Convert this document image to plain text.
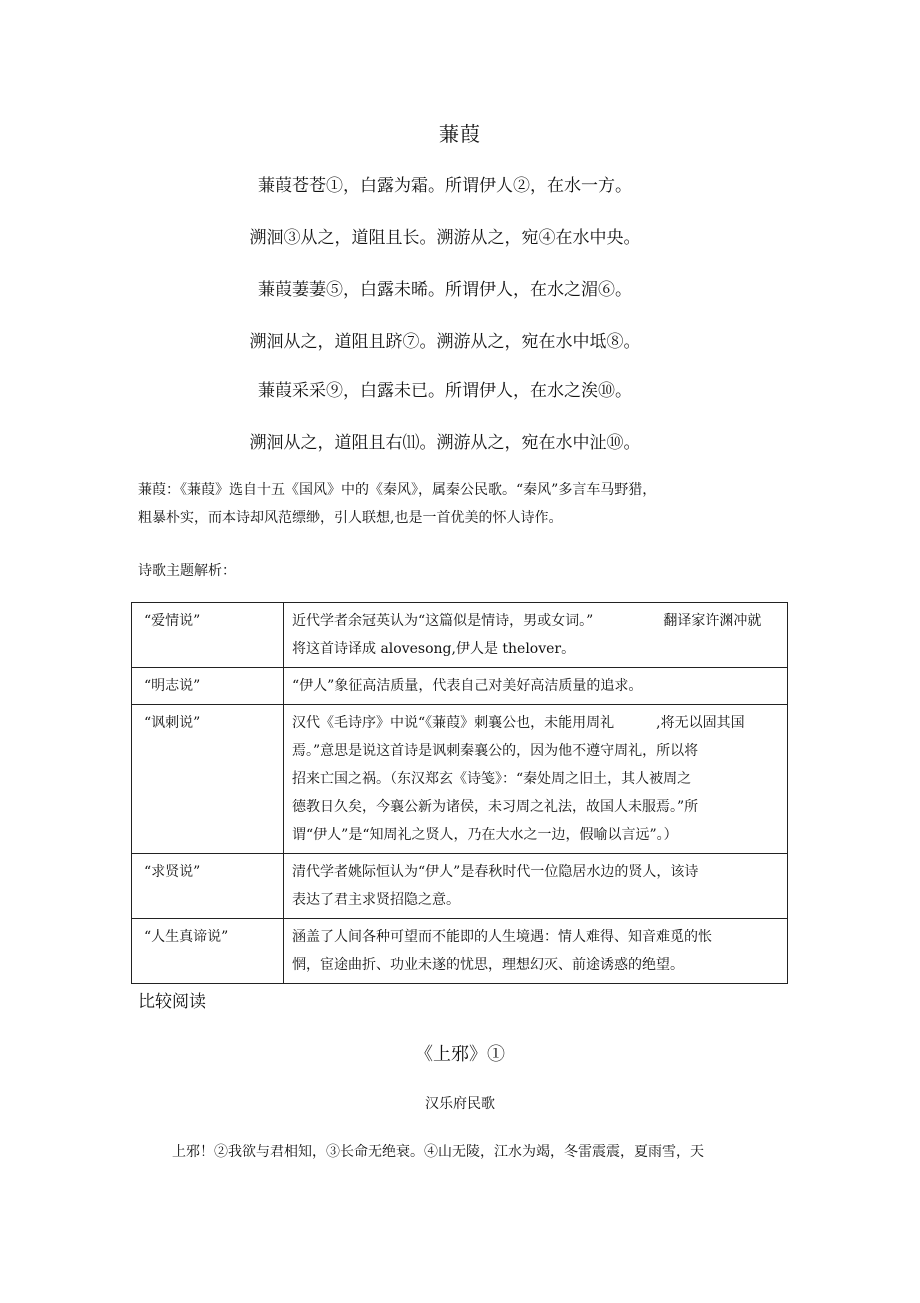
蒹葭
蒹葭苍苍①，白露为霜。所谓伊人②，在水一方。
溯洄③从之，道阻且长。溯游从之，宛④在水中央。
蒹葭萋萋⑤，白露未晞。所谓伊人，在水之湄⑥。
溯洄从之，道阻且跻⑦。溯游从之，宛在水中坻⑧。
蒹葭采采⑨，白露未已。所谓伊人，在水之涘⑩。
溯洄从之，道阻且右⑾。溯游从之，宛在水中沚⑩。
蒹葭：《蒹葭》选自十五《国风》中的《秦风》，属秦公民歌。“秦风”多言车马野猎，
粗暴朴实，而本诗却风范缥缈，引人联想,也是一首优美的怀人诗作。
诗歌主题解析：
“爱情说”	近代学者余冠英认为“这篇似是情诗，男或女词。”　　　　　翻译家许渊冲就
将这首诗译成 alovesong,伊人是 thelover。

“明志说”	“伊人”象征高洁质量，代表自己对美好高洁质量的追求。

“讽刺说”	汉代《毛诗序》中说“《蒹葭》刺襄公也，未能用周礼　　　,将无以固其国
焉。”意思是说这首诗是讽刺秦襄公的，因为他不遵守周礼，所以将
招来亡国之祸。（东汉郑玄《诗笺》：“秦处周之旧土，其人被周之
德教日久矣，今襄公新为诸侯，未习周之礼法，故国人未服焉。”所
谓“伊人”是“知周礼之贤人，乃在大水之一边，假喻以言远”。）

“求贤说”	清代学者姚际恒认为“伊人”是春秋时代一位隐居水边的贤人，该诗
表达了君主求贤招隐之意。

“人生真谛说”	涵盖了人间各种可望而不能即的人生境遇：情人难得、知音难觅的怅
惘，宦途曲折、功业未遂的忧思，理想幻灭、前途诱惑的绝望。
比较阅读
《上邪》①
汉乐府民歌
上邪！②我欲与君相知，③长命无绝衰。④山无陵，江水为竭，冬雷震震，夏雨雪，天
